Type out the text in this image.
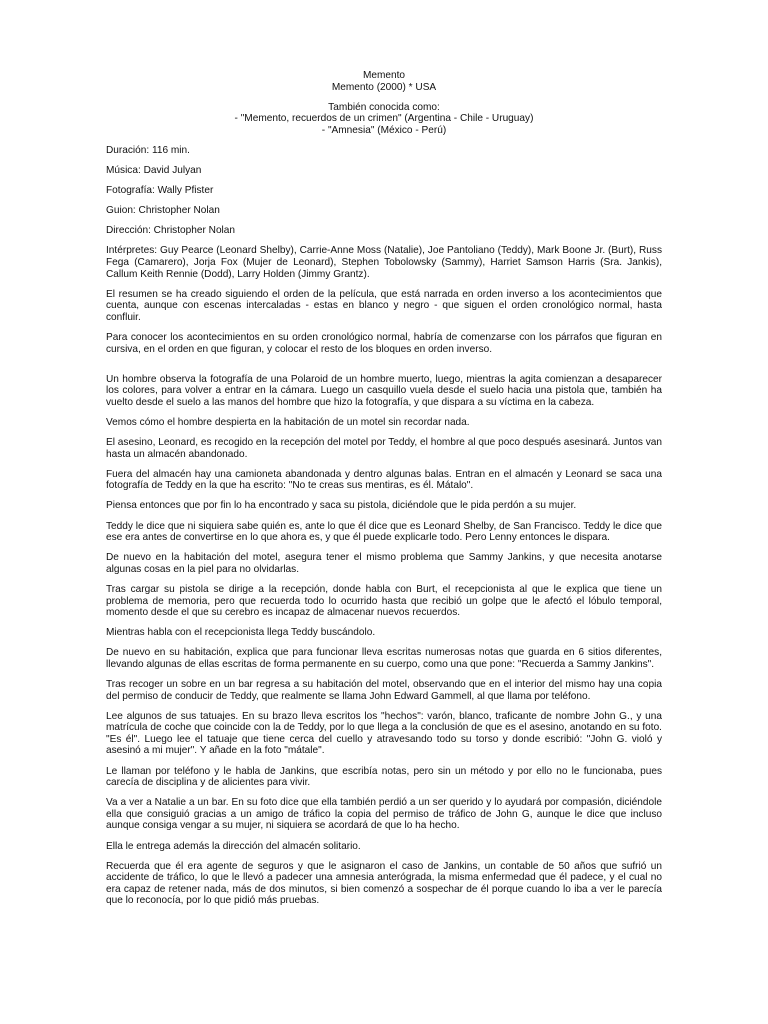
Memento
Memento (2000) * USA
También conocida como:
- "Memento, recuerdos de un crimen" (Argentina - Chile - Uruguay)
- "Amnesia" (México - Perú)

Duración: 116 min.

Música: David Julyan

Fotografía: Wally Pfister

Guion: Christopher Nolan

Dirección: Christopher Nolan

Intérpretes: Guy Pearce (Leonard Shelby), Carrie-Anne Moss (Natalie), Joe Pantoliano (Teddy), Mark Boone Jr. (Burt), Russ Fega (Camarero), Jorja Fox (Mujer de Leonard), Stephen Tobolowsky (Sammy), Harriet Samson Harris (Sra. Jankis), Callum Keith Rennie (Dodd), Larry Holden (Jimmy Grantz).

El resumen se ha creado siguiendo el orden de la película, que está narrada en orden inverso a los acontecimientos que cuenta, aunque con escenas intercaladas - estas en blanco y negro - que siguen el orden cronológico normal, hasta confluir.

Para conocer los acontecimientos en su orden cronológico normal, habría de comenzarse con los párrafos que figuran en cursiva, en el orden en que figuran, y colocar el resto de los bloques en orden inverso.

Un hombre observa la fotografía de una Polaroid de un hombre muerto, luego, mientras la agita comienzan a desaparecer los colores, para volver a entrar en la cámara. Luego un casquillo vuela desde el suelo hacia una pistola que, también ha vuelto desde el suelo a las manos del hombre que hizo la fotografía, y que dispara a su víctima en la cabeza.

Vemos cómo el hombre despierta en la habitación de un motel sin recordar nada.

El asesino, Leonard, es recogido en la recepción del motel por Teddy, el hombre al que poco después asesinará. Juntos van hasta un almacén abandonado.

Fuera del almacén hay una camioneta abandonada y dentro algunas balas. Entran en el almacén y Leonard se saca una fotografía de Teddy en la que ha escrito: "No te creas sus mentiras, es él. Mátalo".

Piensa entonces que por fin lo ha encontrado y saca su pistola, diciéndole que le pida perdón a su mujer.

Teddy le dice que ni siquiera sabe quién es, ante lo que él dice que es Leonard Shelby, de San Francisco. Teddy le dice que ese era antes de convertirse en lo que ahora es, y que él puede explicarle todo. Pero Lenny entonces le dispara.

De nuevo en la habitación del motel, asegura tener el mismo problema que Sammy Jankins, y que necesita anotarse algunas cosas en la piel para no olvidarlas.

Tras cargar su pistola se dirige a la recepción, donde habla con Burt, el recepcionista al que le explica que tiene un problema de memoria, pero que recuerda todo lo ocurrido hasta que recibió un golpe que le afectó el lóbulo temporal, momento desde el que su cerebro es incapaz de almacenar nuevos recuerdos.

Mientras habla con el recepcionista llega Teddy buscándolo.

De nuevo en su habitación, explica que para funcionar lleva escritas numerosas notas que guarda en 6 sitios diferentes, llevando algunas de ellas escritas de forma permanente en su cuerpo, como una que pone: "Recuerda a Sammy Jankins".

Tras recoger un sobre en un bar regresa a su habitación del motel, observando que en el interior del mismo hay una copia del permiso de conducir de Teddy, que realmente se llama John Edward Gammell, al que llama por teléfono.

Lee algunos de sus tatuajes. En su brazo lleva escritos los "hechos": varón, blanco, traficante de nombre John G., y una matrícula de coche que coincide con la de Teddy, por lo que llega a la conclusión de que es el asesino, anotando en su foto. "Es él". Luego lee el tatuaje que tiene cerca del cuello y atravesando todo su torso y donde escribió: "John G. violó y asesinó a mi mujer". Y añade en la foto "mátale".

Le llaman por teléfono y le habla de Jankins, que escribía notas, pero sin un método y por ello no le funcionaba, pues carecía de disciplina y de alicientes para vivir.

Va a ver a Natalie a un bar. En su foto dice que ella también perdió a un ser querido y lo ayudará por compasión, diciéndole ella que consiguió gracias a un amigo de tráfico la copia del permiso de tráfico de John G, aunque le dice que incluso aunque consiga vengar a su mujer, ni siquiera se acordará de que lo ha hecho.

Ella le entrega además la dirección del almacén solitario.

Recuerda que él era agente de seguros y que le asignaron el caso de Jankins, un contable de 50 años que sufrió un accidente de tráfico, lo que le llevó a padecer una amnesia anterógrada, la misma enfermedad que él padece, y el cual no era capaz de retener nada, más de dos minutos, si bien comenzó a sospechar de él porque cuando lo iba a ver le parecía que lo reconocía, por lo que pidió más pruebas.
